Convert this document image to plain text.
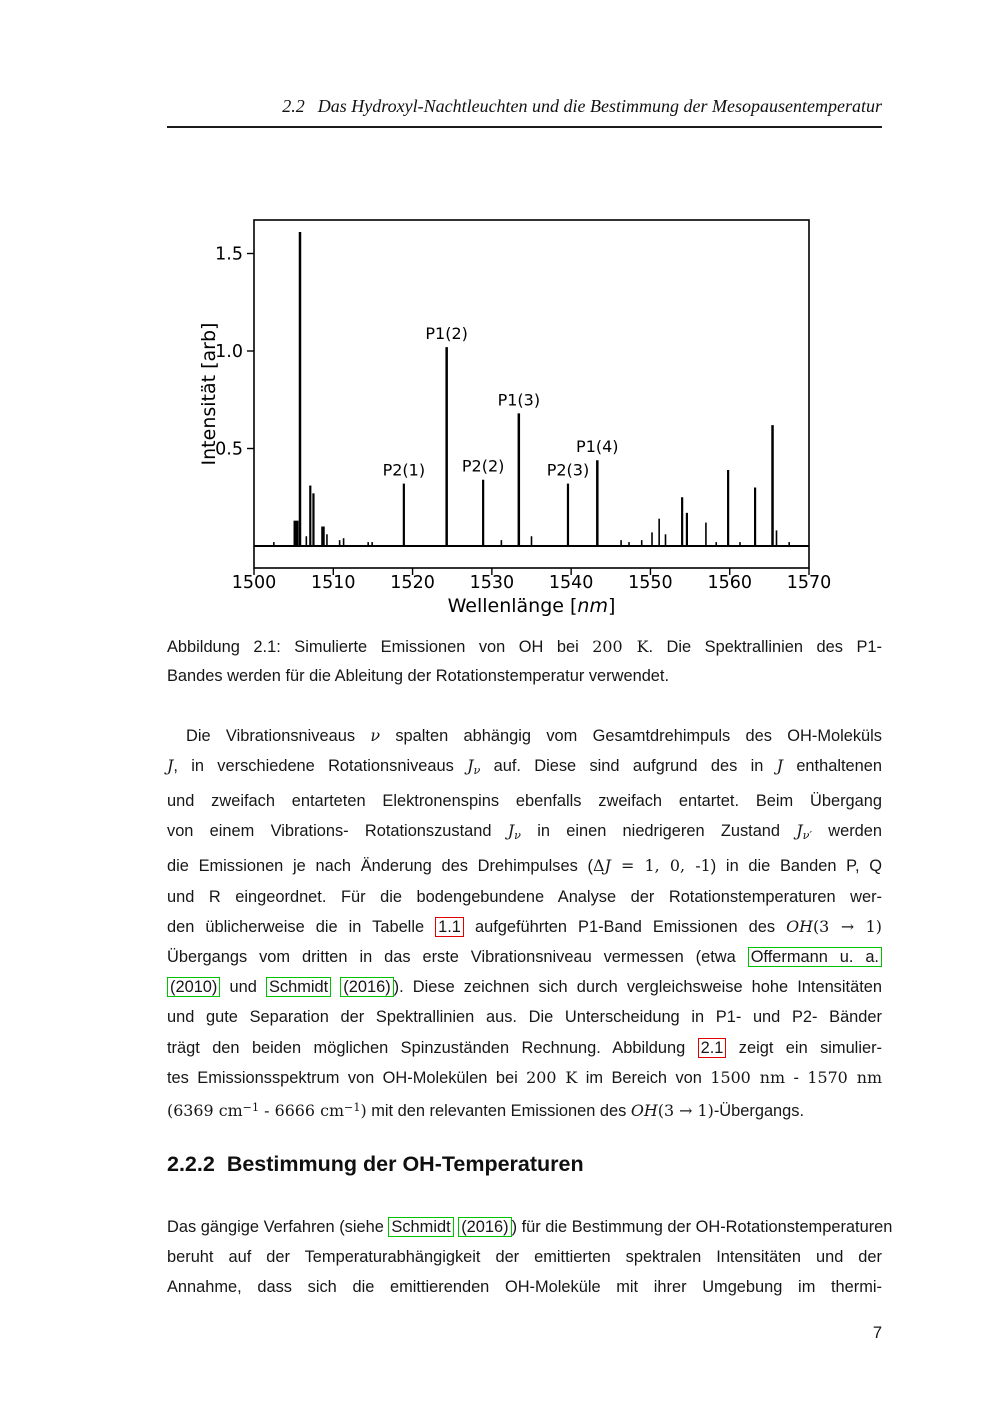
2.2 Das Hydroxyl-Nachtleuchten und die Bestimmung der Mesopausentemperatur
P2(1)
P1(2)
P2(2)
P1(3)
P2(3)
P1(4)
1500 1510 1520 1530 1540 1550 1560 1570
0.5
1.0
1.5
Wellenlänge [nm]
Intensität [arb]
Abbildung 2.1: Simulierte Emissionen von OH bei 200 K. Die Spektrallinien des P1-
Bandes werden für die Ableitung der Rotationstemperatur verwendet.
Die Vibrationsniveaus ν spalten abhängig vom Gesamtdrehimpuls des OH-Moleküls
J, in verschiedene Rotationsniveaus Jν auf. Diese sind aufgrund des in J enthaltenen
und zweifach entarteten Elektronenspins ebenfalls zweifach entartet. Beim Übergang
von einem Vibrations- Rotationszustand Jν in einen niedrigeren Zustand Jν′ werden
die Emissionen je nach Änderung des Drehimpulses (ΔJ = 1, 0, -1) in die Banden P, Q
und R eingeordnet. Für die bodengebundene Analyse der Rotationstemperaturen wer-
den üblicherweise die in Tabelle 1.1 aufgeführten P1-Band Emissionen des OH(3 → 1)
Übergangs vom dritten in das erste Vibrationsniveau vermessen (etwa Offermann u. a.
(2010) und Schmidt (2016) ). Diese zeichnen sich durch vergleichsweise hohe Intensitäten
und gute Separation der Spektrallinien aus. Die Unterscheidung in P1- und P2- Bänder
trägt den beiden möglichen Spinzuständen Rechnung. Abbildung 2.1 zeigt ein simulier-
tes Emissionsspektrum von OH-Molekülen bei 200 K im Bereich von 1500 nm - 1570 nm
(6369 $cm^{-1} - 6666$ $cm^{-1}$) mit den relevanten Emissionen des OH(3 → 1)-Übergangs.
2.2.2 Bestimmung der OH-Temperaturen
Das gängige Verfahren (siehe Schmidt (2016) ) für die Bestimmung der OH-Rotationstemperaturen
beruht auf der Temperaturabhängigkeit der emittierten spektralen Intensitäten und der
Annahme, dass sich die emittierenden OH-Moleküle mit ihrer Umgebung im thermi-
7
